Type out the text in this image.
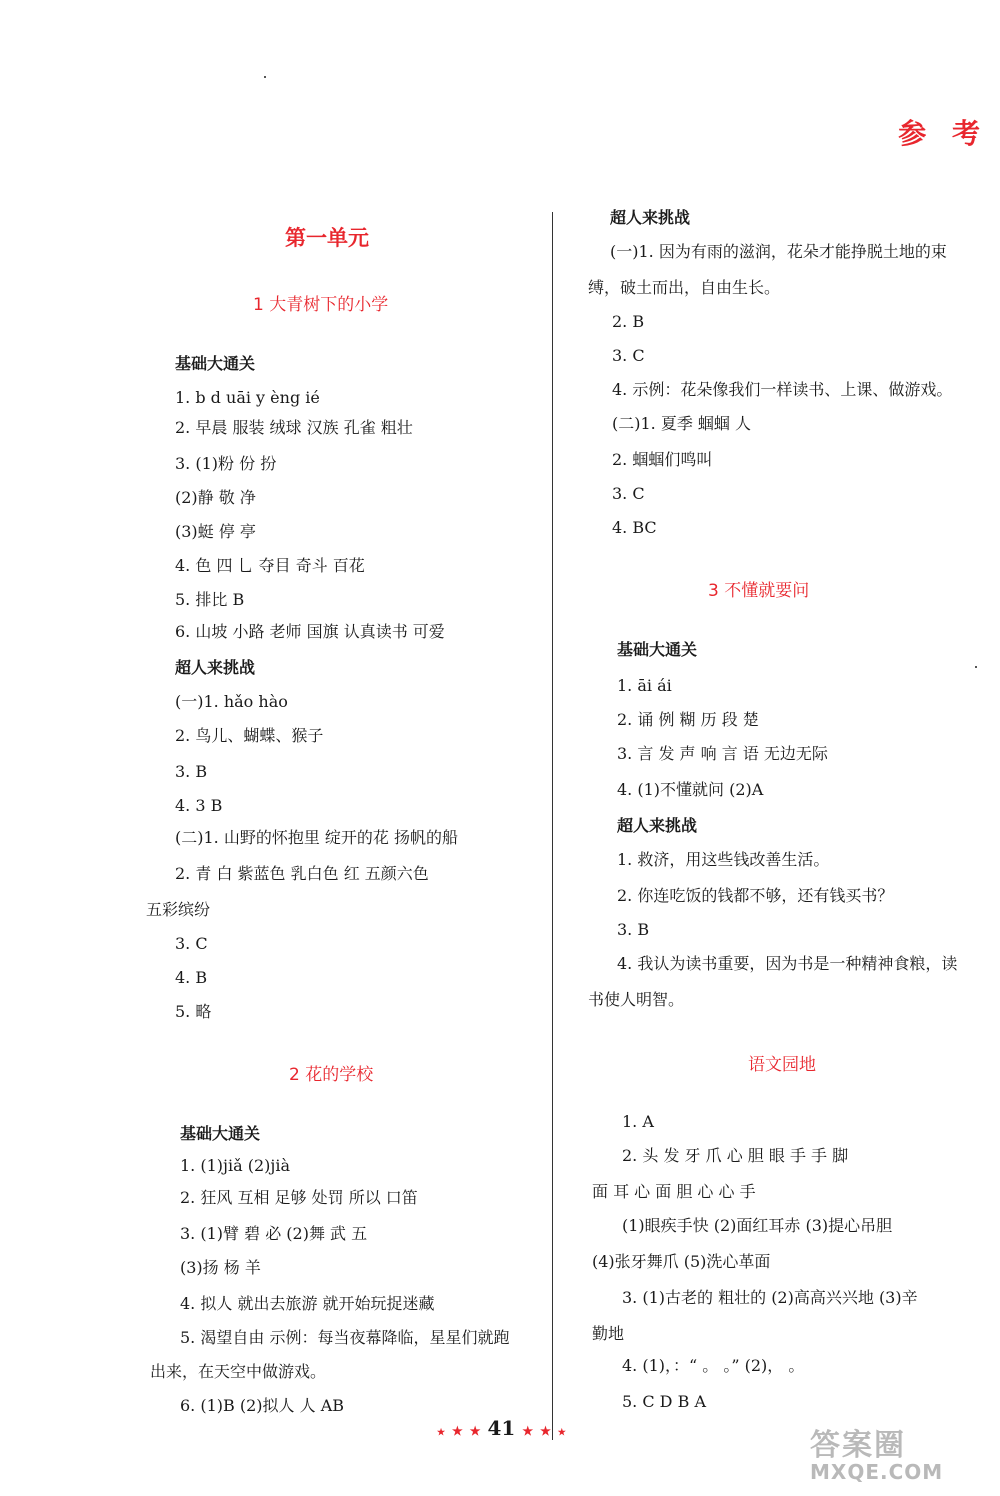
参 考
第一单元
1 大青树下的小学
基础大通关
1. b d uāi y èng ié
2. 早晨 服装 绒球 汉族 孔雀 粗壮
3. (1)粉 份 扮
(2)静 敬 净
(3)蜓 停 亭
4. 色 四 乚 夺目 奇斗 百花
5. 排比 B
6. 山坡 小路 老师 国旗 认真读书 可爱
超人来挑战
(一)1. hǎo hào
2. 鸟儿、蝴蝶、猴子
3. B
4. 3 B
(二)1. 山野的怀抱里 绽开的花 扬帆的船
2. 青 白 紫蓝色 乳白色 红 五颜六色
五彩缤纷
3. C
4. B
5. 略
2 花的学校
基础大通关
1. (1)jiǎ (2)jià
2. 狂风 互相 足够 处罚 所以 口笛
3. (1)臂 碧 必 (2)舞 武 五
(3)扬 杨 羊
4. 拟人 就出去旅游 就开始玩捉迷藏
5. 渴望自由 示例：每当夜幕降临，星星们就跑
出来，在天空中做游戏。
6. (1)B (2)拟人 人 AB
超人来挑战
(一)1. 因为有雨的滋润，花朵才能挣脱土地的束
缚，破土而出，自由生长。
2. B
3. C
4. 示例：花朵像我们一样读书、上课、做游戏。
(二)1. 夏季 蝈蝈 人
2. 蝈蝈们鸣叫
3. C
4. BC
3 不懂就要问
基础大通关
1. āi ái
2. 诵 例 糊 历 段 楚
3. 言 发 声 响 言 语 无边无际
4. (1)不懂就问 (2)A
超人来挑战
1. 救济，用这些钱改善生活。
2. 你连吃饭的钱都不够，还有钱买书？
3. B
4. 我认为读书重要，因为书是一种精神食粮，读
书使人明智。
语文园地
1. A
2. 头 发 牙 爪 心 胆 眼 手 手 脚
面 耳 心 面 胆 心 心 手
(1)眼疾手快 (2)面红耳赤 (3)提心吊胆
(4)张牙舞爪 (5)洗心革面
3. (1)古老的 粗壮的 (2)高高兴兴地 (3)辛
勤地
4. (1)，：“ 。 。” (2)， 。
5. C D B A
★ ★ ★ 41 ★ ★ ★	答案圈
MXQE.COM
